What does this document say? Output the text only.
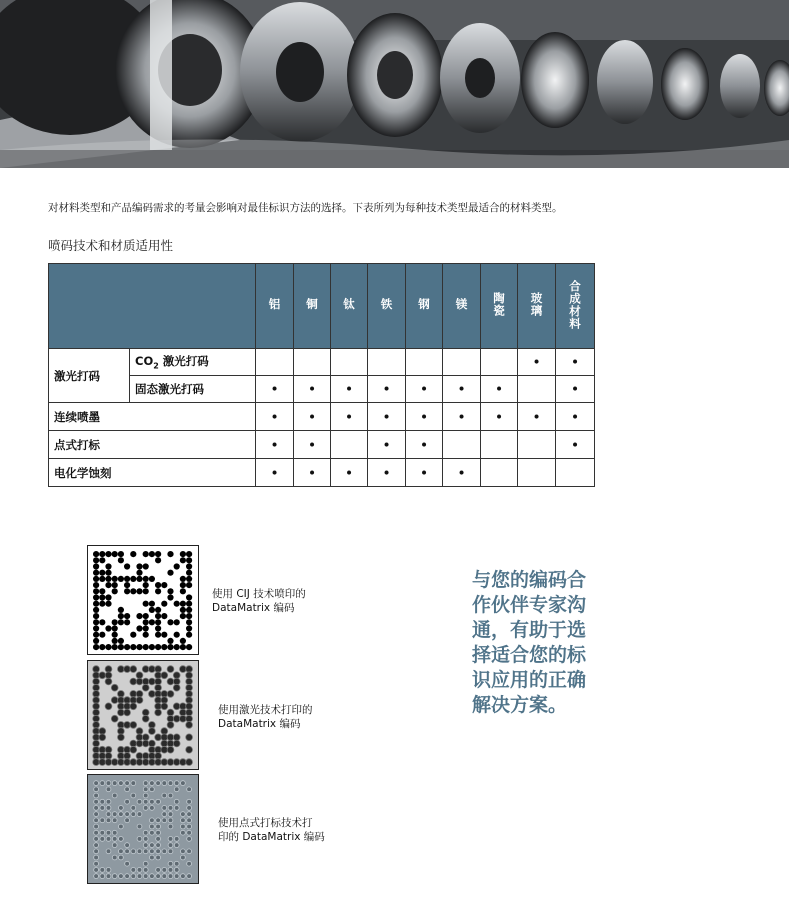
对材料类型和产品编码需求的考量会影响对最佳标识方法的选择。下表所列为每种技术类型最适合的材料类型。
喷码技术和材质适用性
		铝	铜	钛	铁	钢	镁	陶瓷	玻璃	合成材料
激光打码	$CO_2$ 激光打码								•	•
	固态激光打码	•	•	•	•	•	•	•		•
连续喷墨		•	•	•	•	•	•	•	•	•
点式打标		•	•		•	•				•
电化学蚀刻		•	•	•	•	•	•			
使用 CIJ 技术喷印的
DataMatrix 编码
使用激光技术打印的
DataMatrix 编码
使用点式打标技术打
印的 DataMatrix 编码
与您的编码合
作伙伴专家沟
通，有助于选
择适合您的标
识应用的正确
解决方案。
